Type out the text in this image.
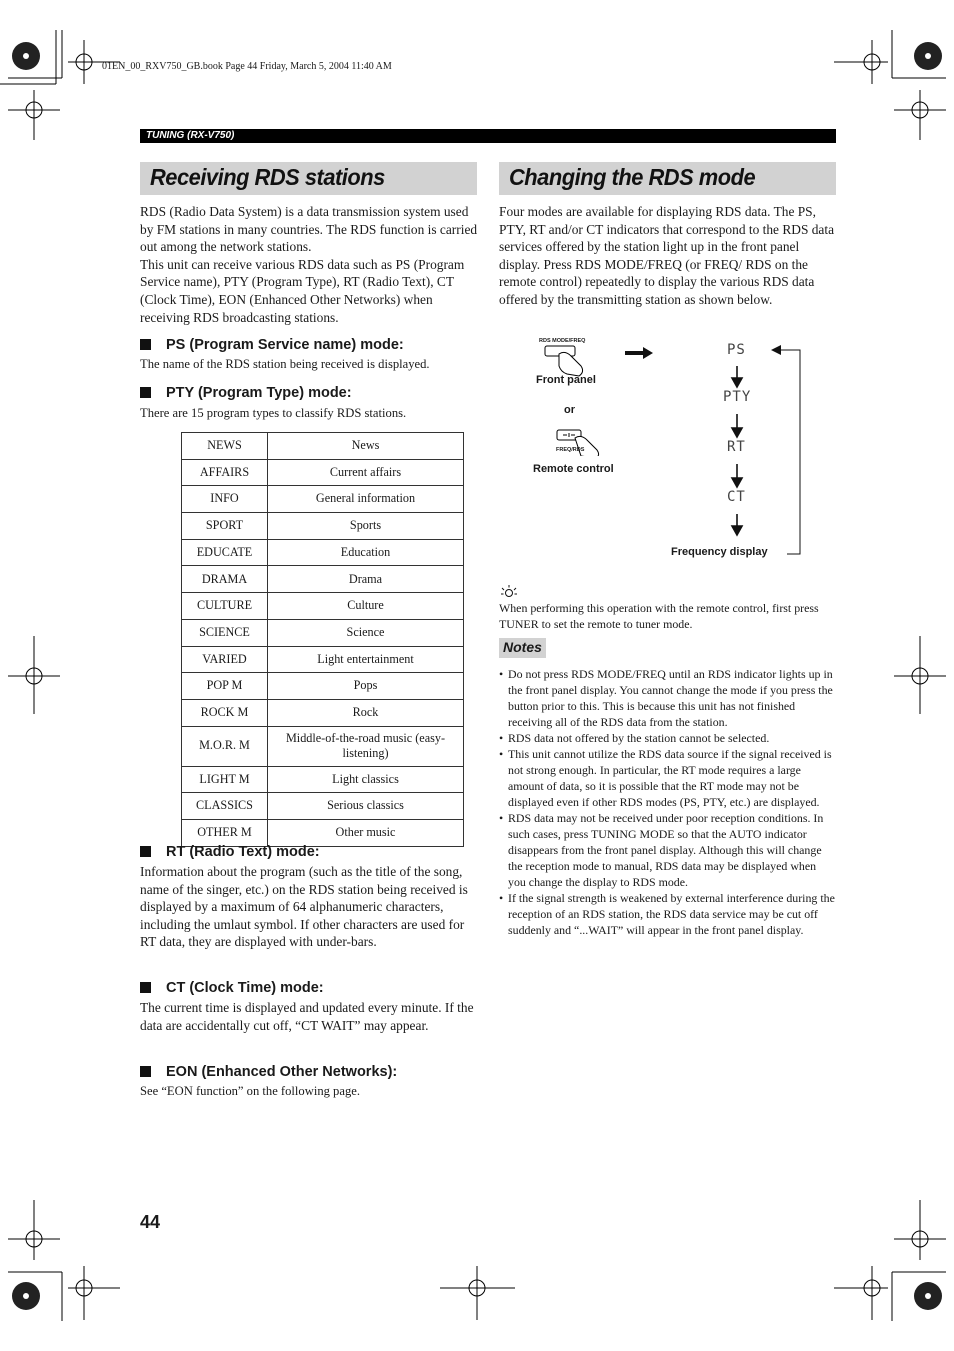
01EN_00_RXV750_GB.book Page 44 Friday, March 5, 2004 11:40 AM
TUNING (RX-V750)
Receiving RDS stations
RDS (Radio Data System) is a data transmission system used by FM stations in many countries. The RDS function is carried out among the network stations.
This unit can receive various RDS data such as PS (Program Service name), PTY (Program Type), RT (Radio Text), CT (Clock Time), EON (Enhanced Other Networks) when receiving RDS broadcasting stations.
PS (Program Service name) mode:
The name of the RDS station being received is displayed.
PTY (Program Type) mode:
There are 15 program types to classify RDS stations.
NEWS	News
AFFAIRS	Current affairs
INFO	General information
SPORT	Sports
EDUCATE	Education
DRAMA	Drama
CULTURE	Culture
SCIENCE	Science
VARIED	Light entertainment
POP M	Pops
ROCK M	Rock
M.O.R. M	Middle-of-the-road music (easy-listening)
LIGHT M	Light classics
CLASSICS	Serious classics
OTHER M	Other music
RT (Radio Text) mode:
Information about the program (such as the title of the song, name of the singer, etc.) on the RDS station being received is displayed by a maximum of 64 alphanumeric characters, including the umlaut symbol. If other characters are used for RT data, they are displayed with under-bars.
CT (Clock Time) mode:
The current time is displayed and updated every minute. If the data are accidentally cut off, “CT WAIT” may appear.
EON (Enhanced Other Networks):
See “EON function” on the following page.
Changing the RDS mode
Four modes are available for displaying RDS data. The PS, PTY, RT and/or CT indicators that correspond to the RDS data services offered by the station light up in the front panel display. Press RDS MODE/FREQ (or FREQ/ RDS on the remote control) repeatedly to display the various RDS data offered by the transmitting station as shown below.
RDS MODE/FREQ
Front panel
or
FREQ/RDS
Remote control
PS
PTY
RT
CT
Frequency display
When performing this operation with the remote control, first press TUNER to set the remote to tuner mode.
Notes
• Do not press RDS MODE/FREQ until an RDS indicator lights up in the front panel display. You cannot change the mode if you press the button prior to this. This is because this unit has not finished receiving all of the RDS data from the station.
• RDS data not offered by the station cannot be selected.
• This unit cannot utilize the RDS data source if the signal received is not strong enough. In particular, the RT mode requires a large amount of data, so it is possible that the RT mode may not be displayed even if other RDS modes (PS, PTY, etc.) are displayed.
• RDS data may not be received under poor reception conditions. In such cases, press TUNING MODE so that the AUTO indicator disappears from the front panel display. Although this will change the reception mode to manual, RDS data may be displayed when you change the display to RDS mode.
• If the signal strength is weakened by external interference during the reception of an RDS station, the RDS data service may be cut off suddenly and “...WAIT” will appear in the front panel display.
44
